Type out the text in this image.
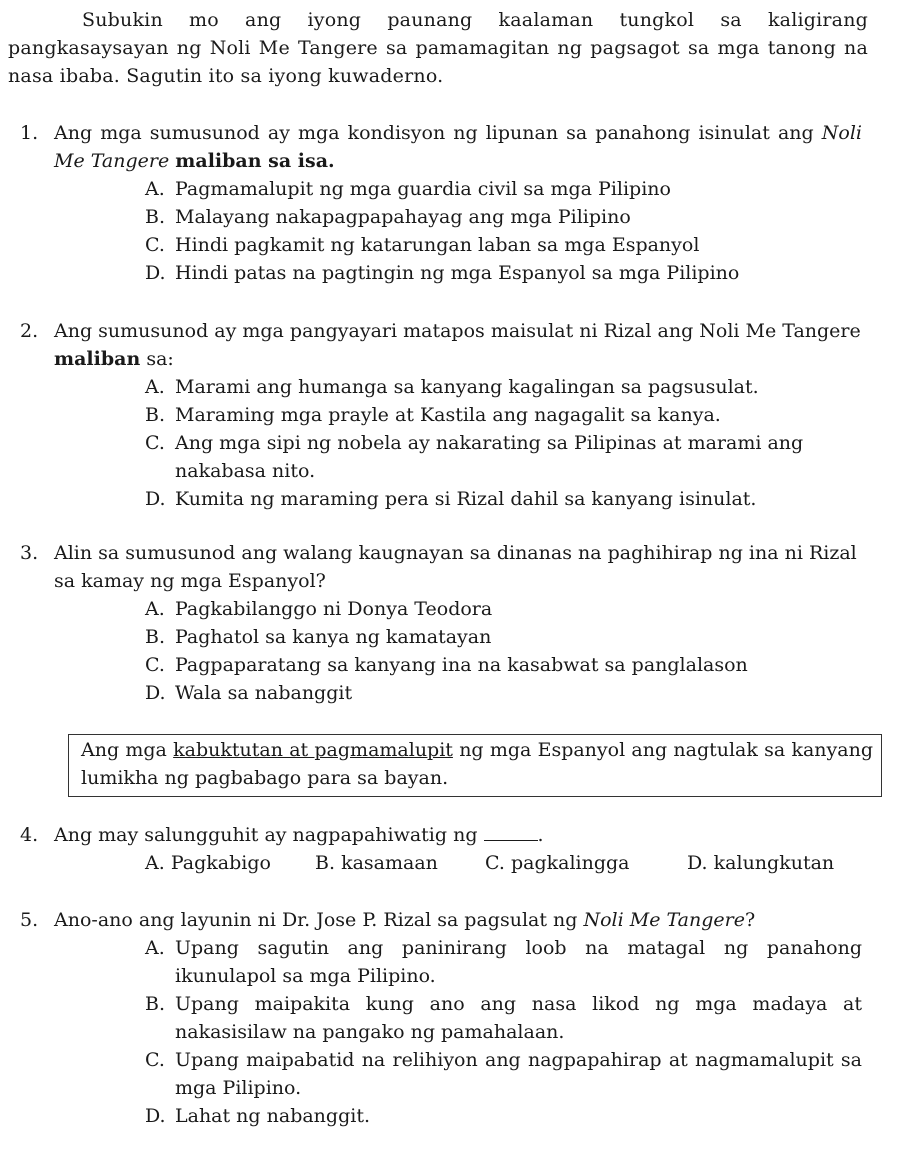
Subukin mo ang iyong paunang kaalaman tungkol sa kaligirang pangkasaysayan ng Noli Me Tangere sa pamamagitan ng pagsagot sa mga tanong na nasa ibaba. Sagutin ito sa iyong kuwaderno.

1. Ang mga sumusunod ay mga kondisyon ng lipunan sa panahong isinulat ang Noli Me Tangere maliban sa isa.
A. Pagmamalupit ng mga guardia civil sa mga Pilipino
B. Malayang nakapagpapahayag ang mga Pilipino
C. Hindi pagkamit ng katarungan laban sa mga Espanyol
D. Hindi patas na pagtingin ng mga Espanyol sa mga Pilipino
2. Ang sumusunod ay mga pangyayari matapos maisulat ni Rizal ang Noli Me Tangere maliban sa:
A. Marami ang humanga sa kanyang kagalingan sa pagsusulat.
B. Maraming mga prayle at Kastila ang nagagalit sa kanya.
C. Ang mga sipi ng nobela ay nakarating sa Pilipinas at marami ang nakabasa nito.
D. Kumita ng maraming pera si Rizal dahil sa kanyang isinulat.
3. Alin sa sumusunod ang walang kaugnayan sa dinanas na paghihirap ng ina ni Rizal sa kamay ng mga Espanyol?
A. Pagkabilanggo ni Donya Teodora
B. Paghatol sa kanya ng kamatayan
C. Pagpaparatang sa kanyang ina na kasabwat sa panglalason
D. Wala sa nabanggit
Ang mga kabuktutan at pagmamalupit ng mga Espanyol ang nagtulak sa kanyang lumikha ng pagbabago para sa bayan.
4. Ang may salungguhit ay nagpapahiwatig ng	.
A. Pagkabigo	B. kasamaan	C. pagkalingga	D. kalungkutan
5. Ano-ano ang layunin ni Dr. Jose P. Rizal sa pagsulat ng Noli Me Tangere?
A. Upang sagutin ang paninirang loob na matagal ng panahong ikunulapol sa mga Pilipino.
B. Upang maipakita kung ano ang nasa likod ng mga madaya at nakasisilaw na pangako ng pamahalaan.
C. Upang maipabatid na relihiyon ang nagpapahirap at nagmamalupit sa mga Pilipino.
D. Lahat ng nabanggit.
